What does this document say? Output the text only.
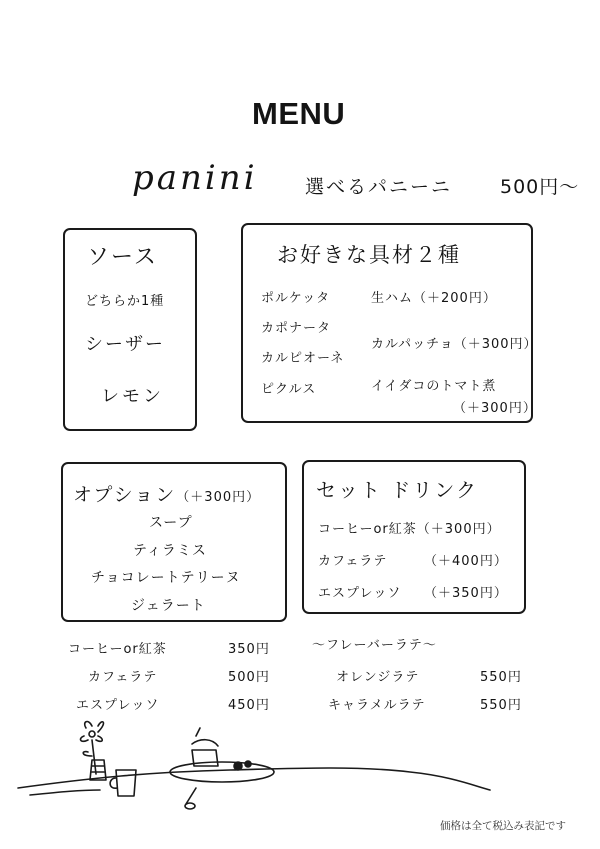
MENU
panini 選べるパニーニ	500円〜
ソース
どちらか1種
シーザー
レモン
お好きな具材２種
ポルケッタ
カポナータ
カルピオーネ
ピクルス
生ハム（＋200円）
カルパッチョ（＋300円）
イイダコのトマト煮
（＋300円）
オプション（＋300円）
スープ
ティラミス
チョコレートテリーヌ
ジェラート
セット ドリンク
コーヒーor紅茶（＋300円）
カフェラテ	（＋400円）
エスプレッソ （＋350円）
コーヒーor紅茶	350円
カフェラテ	500円
エスプレッソ	450円
〜フレーバーラテ〜
オレンジラテ	550円
キャラメルラテ	550円
価格は全て税込み表記です
